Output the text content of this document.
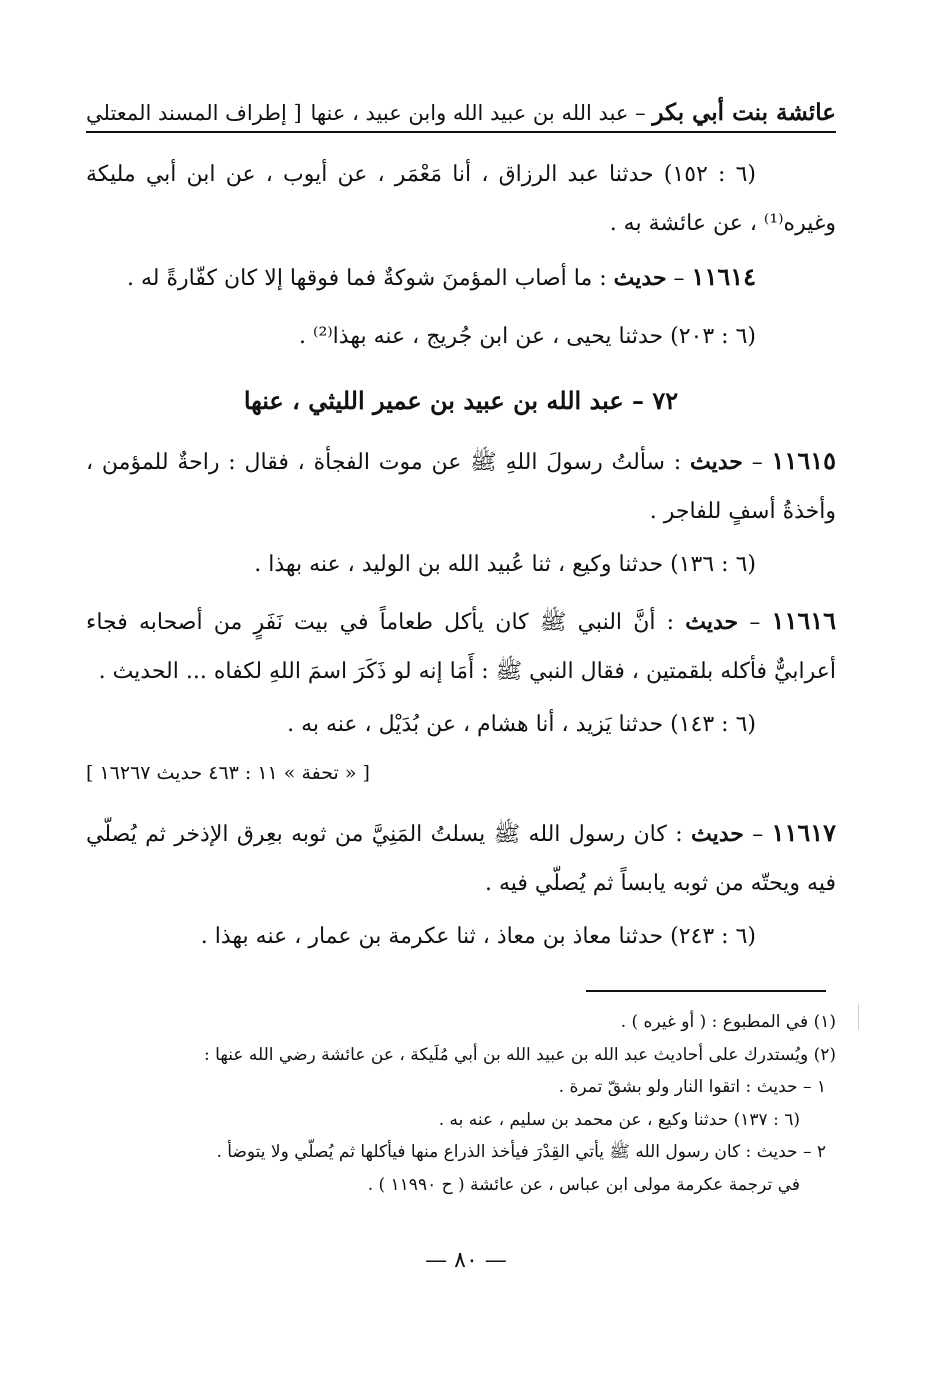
عائشة بنت أبي بكر – عبد الله بن عبيد الله وابن عبيد ، عنها
[ إطراف المسند المعتلي

(٦ : ١٥٢) حدثنا عبد الرزاق ، أنا مَعْمَر ، عن أيوب ، عن ابن أبي مليكة وغيره⁽¹⁾ ، عن عائشة به .

١١٦١٤ – حديث : ما أصاب المؤمنَ شوكةٌ فما فوقها إلا كان كفّارةً له .

(٦ : ٢٠٣) حدثنا يحيى ، عن ابن جُريج ، عنه بهذا⁽²⁾ .

٧٢ – عبد الله بن عبيد بن عمير الليثي ، عنها

١١٦١٥ – حديث : سألتُ رسولَ اللهِ ﷺ عن موت الفجأة ، فقال : راحةٌ للمؤمن ، وأخذةُ أسفٍ للفاجر .

(٦ : ١٣٦) حدثنا وكيع ، ثنا عُبيد الله بن الوليد ، عنه بهذا .

١١٦١٦ – حديث : أنَّ النبي ﷺ كان يأكل طعاماً في بيت نَفَرٍ من أصحابه فجاء أعرابيٌّ فأكله بلقمتين ، فقال النبي ﷺ : أَمَا إنه لو ذَكَرَ اسمَ اللهِ لكفاه ... الحديث .

(٦ : ١٤٣) حدثنا يَزيد ، أنا هشام ، عن بُدَيْل ، عنه به .

[ « تحفة » ١١ : ٤٦٣ حديث ١٦٢٦٧ ]

١١٦١٧ – حديث : كان رسول الله ﷺ يسلتُ المَنِيَّ من ثوبه بعِرق الإذخر ثم يُصلّي فيه ويحتّه من ثوبه يابساً ثم يُصلّي فيه .

(٦ : ٢٤٣) حدثنا معاذ بن معاذ ، ثنا عكرمة بن عمار ، عنه بهذا .

(١) في المطبوع : ( أو غيره ) .
(٢) ويُستدرك على أحاديث عبد الله بن عبيد الله بن أبي مُلَيكة ، عن عائشة رضي الله عنها :
١ – حديث : اتقوا النار ولو بشقّ تمرة .
(٦ : ١٣٧) حدثنا وكيع ، عن محمد بن سليم ، عنه به .
٢ – حديث : كان رسول الله ﷺ يأتي القِدْرَ فيأخذ الذراع منها فيأكلها ثم يُصلّي ولا يتوضأ .
في ترجمة عكرمة مولى ابن عباس ، عن عائشة ( ح ١١٩٩٠ ) .
— ٨٠ —
